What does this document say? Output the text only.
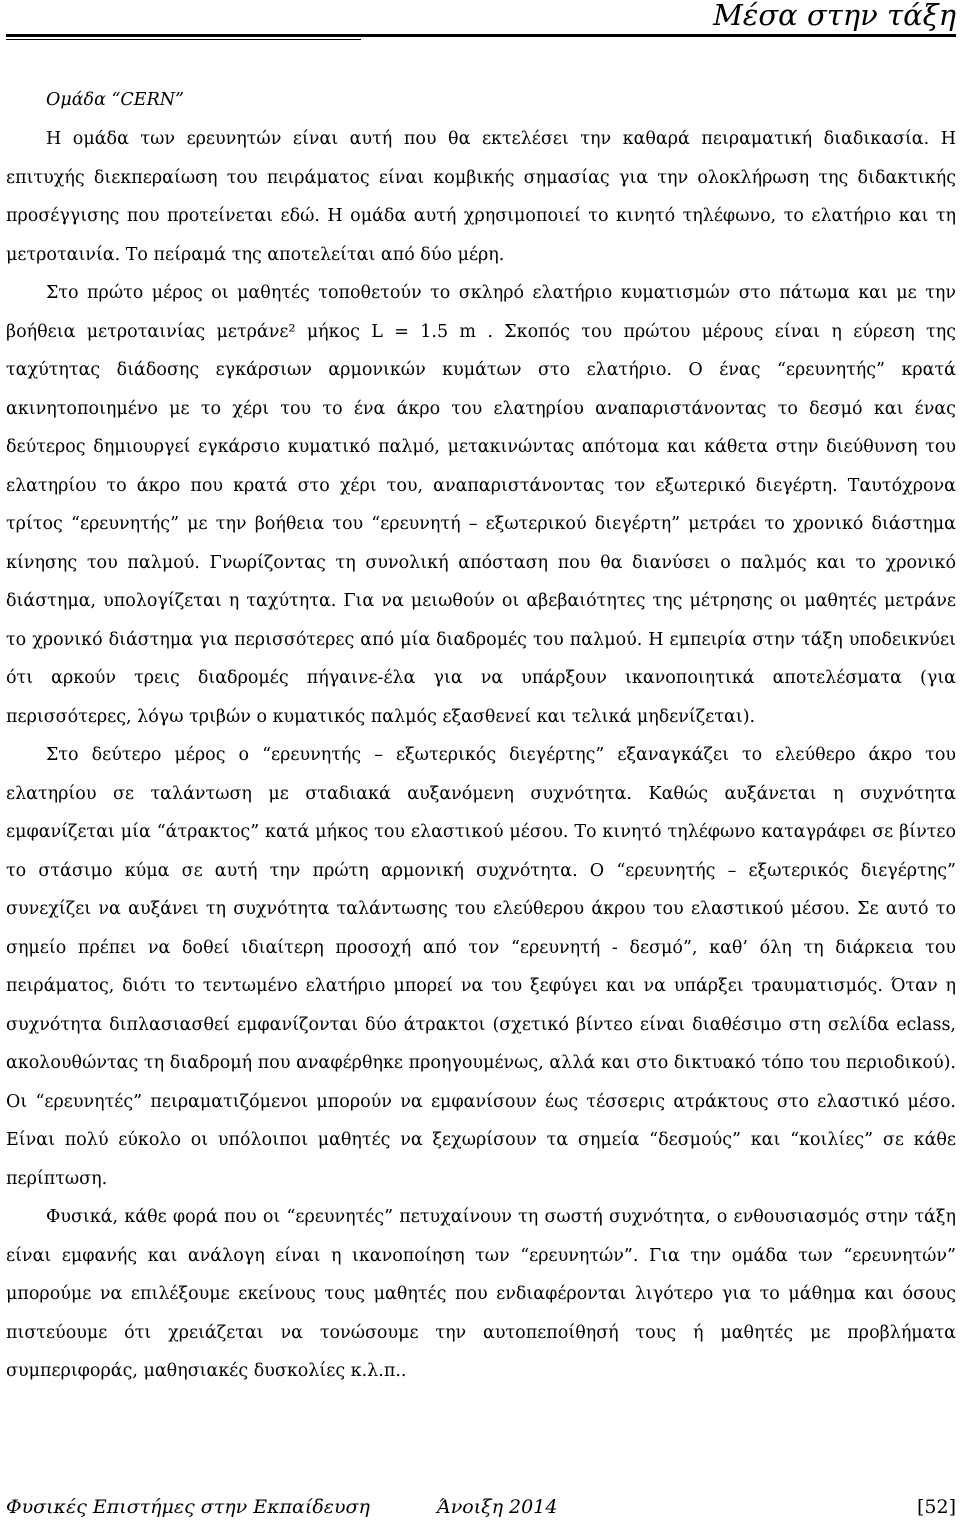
Μέσα στην τάξη

Ομάδα “CERN”

Η ομάδα των ερευνητών είναι αυτή που θα εκτελέσει την καθαρά πειραματική διαδικασία. Η επιτυχής διεκπεραίωση του πειράματος είναι κομβικής σημασίας για την ολοκλήρωση της διδακτικής προσέγγισης που προτείνεται εδώ. Η ομάδα αυτή χρησιμοποιεί το κινητό τηλέφωνο, το ελατήριο και τη μετροταινία. Το πείραμά της αποτελείται από δύο μέρη.

Στο πρώτο μέρος οι μαθητές τοποθετούν το σκληρό ελατήριο κυματισμών στο πάτωμα και με την βοήθεια μετροταινίας μετράνε² μήκος L = 1.5 m . Σκοπός του πρώτου μέρους είναι η εύρεση της ταχύτητας διάδοσης εγκάρσιων αρμονικών κυμάτων στο ελατήριο. Ο ένας “ερευνητής” κρατά ακινητοποιημένο με το χέρι του το ένα άκρο του ελατηρίου αναπαριστάνοντας το δεσμό και ένας δεύτερος δημιουργεί εγκάρσιο κυματικό παλμό, μετακινώντας απότομα και κάθετα στην διεύθυνση του ελατηρίου το άκρο που κρατά στο χέρι του, αναπαριστάνοντας τον εξωτερικό διεγέρτη. Ταυτόχρονα τρίτος “ερευνητής” με την βοήθεια του “ερευνητή – εξωτερικού διεγέρτη” μετράει το χρονικό διάστημα κίνησης του παλμού. Γνωρίζοντας τη συνολική απόσταση που θα διανύσει ο παλμός και το χρονικό διάστημα, υπολογίζεται η ταχύτητα. Για να μειωθούν οι αβεβαιότητες της μέτρησης οι μαθητές μετράνε το χρονικό διάστημα για περισσότερες από μία διαδρομές του παλμού. Η εμπειρία στην τάξη υποδεικνύει ότι αρκούν τρεις διαδρομές πήγαινε-έλα για να υπάρξουν ικανοποιητικά αποτελέσματα (για περισσότερες, λόγω τριβών ο κυματικός παλμός εξασθενεί και τελικά μηδενίζεται).

Στο δεύτερο μέρος ο “ερευνητής – εξωτερικός διεγέρτης” εξαναγκάζει το ελεύθερο άκρο του ελατηρίου σε ταλάντωση με σταδιακά αυξανόμενη συχνότητα. Καθώς αυξάνεται η συχνότητα εμφανίζεται μία “άτρακτος” κατά μήκος του ελαστικού μέσου. Το κινητό τηλέφωνο καταγράφει σε βίντεο το στάσιμο κύμα σε αυτή την πρώτη αρμονική συχνότητα. Ο “ερευνητής – εξωτερικός διεγέρτης” συνεχίζει να αυξάνει τη συχνότητα ταλάντωσης του ελεύθερου άκρου του ελαστικού μέσου. Σε αυτό το σημείο πρέπει να δοθεί ιδιαίτερη προσοχή από τον “ερευνητή - δεσμό”, καθ’ όλη τη διάρκεια του πειράματος, διότι το τεντωμένο ελατήριο μπορεί να του ξεφύγει και να υπάρξει τραυματισμός. Όταν η συχνότητα διπλασιασθεί εμφανίζονται δύο άτρακτοι (σχετικό βίντεο είναι διαθέσιμο στη σελίδα eclass, ακολουθώντας τη διαδρομή που αναφέρθηκε προηγουμένως, αλλά και στο δικτυακό τόπο του περιοδικού). Οι “ερευνητές” πειραματιζόμενοι μπορούν να εμφανίσουν έως τέσσερις ατράκτους στο ελαστικό μέσο. Είναι πολύ εύκολο οι υπόλοιποι μαθητές να ξεχωρίσουν τα σημεία “δεσμούς” και “κοιλίες” σε κάθε περίπτωση.

Φυσικά, κάθε φορά που οι “ερευνητές” πετυχαίνουν τη σωστή συχνότητα, ο ενθουσιασμός στην τάξη είναι εμφανής και ανάλογη είναι η ικανοποίηση των “ερευνητών”. Για την ομάδα των “ερευνητών” μπορούμε να επιλέξουμε εκείνους τους μαθητές που ενδιαφέρονται λιγότερο για το μάθημα και όσους πιστεύουμε ότι χρειάζεται να τονώσουμε την αυτοπεποίθησή τους ή μαθητές με προβλήματα συμπεριφοράς, μαθησιακές δυσκολίες κ.λ.π..

Φυσικές Επιστήμες στην Εκπαίδευση	Άνοιξη 2014	[52]
